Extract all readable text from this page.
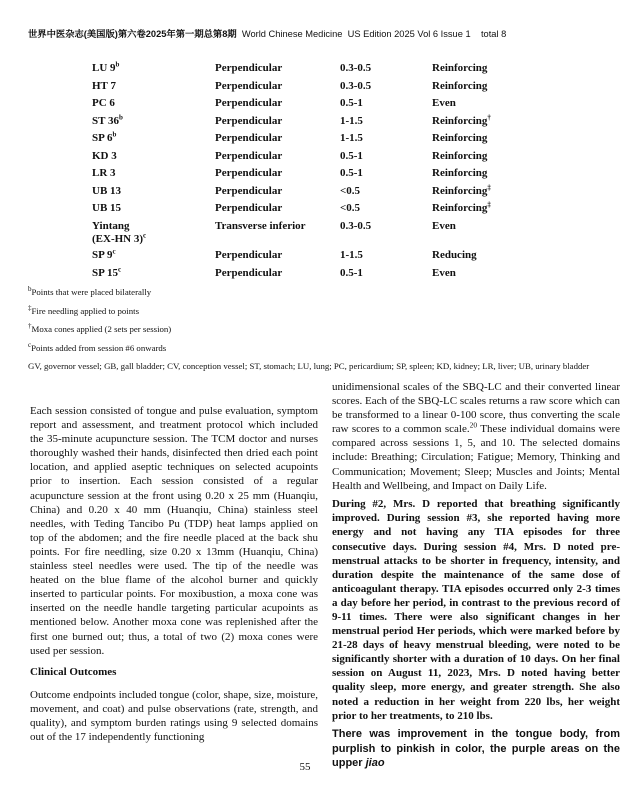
世界中医杂志(美国版)第六卷2025年第一期总第8期 World Chinese Medicine  US Edition 2025 Vol 6 Issue 1    total 8
LU 9$^b$	Perpendicular	0.3-0.5	Reinforcing
HT 7	Perpendicular	0.3-0.5	Reinforcing
PC 6	Perpendicular	0.5-1	Even
ST 36$^b$	Perpendicular	1-1.5	Reinforcing†
SP 6$^b$	Perpendicular	1-1.5	Reinforcing
KD 3	Perpendicular	0.5-1	Reinforcing
LR 3	Perpendicular	0.5-1	Reinforcing
UB 13	Perpendicular	<0.5	Reinforcing‡
UB 15	Perpendicular	<0.5	Reinforcing‡
Yintang
(EX-HN 3)$^c$
Transverse inferior	0.3-0.5	Even
SP 9$^c$	Perpendicular	1-1.5	Reducing
SP 15$^c$	Perpendicular	0.5-1	Even
$^b$Points that were placed bilaterally
‡Fire needling applied to points
†Moxa cones applied (2 sets per session)
$^c$Points added from session #6 onwards
GV, governor vessel; GB, gall bladder; CV, conception vessel; ST, stomach; LU, lung; PC, pericardium; SP, spleen; KD, kidney; LR, liver; UB, urinary bladder
Each session consisted of tongue and pulse evaluation, symptom report and assessment, and treatment protocol which included the 35-minute acupuncture session. The TCM doctor and nurses thoroughly washed their hands, disinfected then dried each point location, and applied aseptic techniques on selected acupoints prior to insertion. Each session consisted of a regular acupuncture session at the front using 0.20 x 25 mm (Huanqiu, China) and 0.20 x 40 mm (Huanqiu, China) stainless steel needles, with Teding Tancibo Pu (TDP) heat lamps applied on top of the abdomen; and the fire needle placed at the back shu points. For fire needling, size 0.20 x 13mm (Huanqiu, China) stainless steel needles were used. The tip of the needle was heated on the blue flame of the alcohol burner and quickly inserted to particular points. For moxibustion, a moxa cone was inserted on the needle handle targeting particular acupoints as mentioned below. Another moxa cone was replenished after the first one burned out; thus, a total of two (2) moxa cones were used per session.
Clinical Outcomes
Outcome endpoints included tongue (color, shape, size, moisture, movement, and coat) and pulse observations (rate, strength, and quality), and symptom burden ratings using 9 selected domains out of the 17 independently functioning
unidimensional scales of the SBQ-LC and their converted linear scores. Each of the SBQ-LC scales returns a raw score which can be transformed to a linear 0-100 score, thus converting the scale raw scores to a common scale.$^{20}$ These individual domains were compared across sessions 1, 5, and 10. The selected domains include: Breathing; Circulation; Fatigue; Memory, Thinking and Communication; Movement; Sleep; Muscles and Joints; Mental Health and Wellbeing, and Impact on Daily Life.
During #2, Mrs. D reported that breathing significantly improved. During session #3, she reported having more energy and not having any TIA episodes for three consecutive days. During session #4, Mrs. D noted pre-menstrual attacks to be shorter in frequency, intensity, and duration despite the maintenance of the same dose of anticoagulant therapy. TIA episodes occurred only 2-3 times a day before her period, in contrast to the previous record of 9-11 times. There were also significant changes in her menstrual period Her periods, which were marked before by 21-28 days of heavy menstrual bleeding, were noted to be significantly shorter with a duration of 10 days. On her final session on August 11, 2023, Mrs. D noted having better quality sleep, more energy, and greater strength. She also noted a reduction in her weight from 220 lbs, her weight prior to her treatments, to 210 lbs.
There was improvement in the tongue body, from purplish to pinkish in color, the purple areas on the upper jiao
55
